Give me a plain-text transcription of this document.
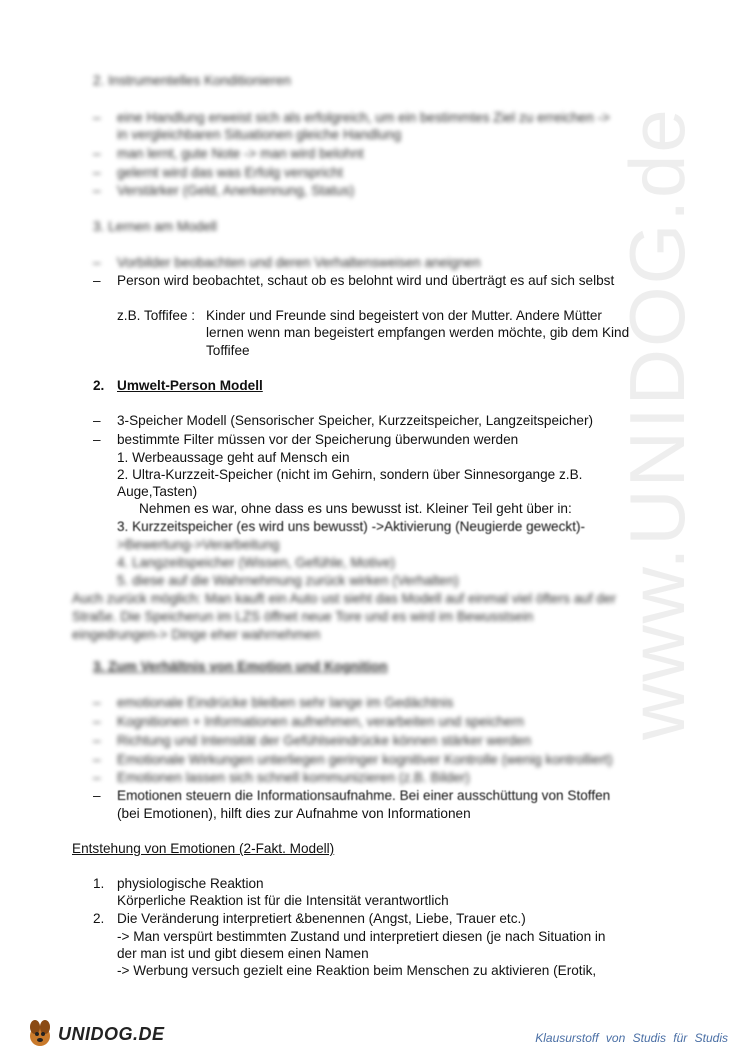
www.UNIDOG.de
2. Instrumentelles Konditionieren
– eine Handlung erweist sich als erfolgreich, um ein bestimmtes Ziel zu erreichen ->
in vergleichbaren Situationen gleiche Handlung
– man lernt, gute Note -> man wird belohnt
– gelernt wird das was Erfolg verspricht
– Verstärker (Geld, Anerkennung, Status)
3. Lernen am Modell
– Vorbilder beobachten und deren Verhaltensweisen aneignen
– Person wird beobachtet, schaut ob es belohnt wird und überträgt es auf sich selbst
z.B. Toffifee : Kinder und Freunde sind begeistert von der Mutter. Andere Mütter
lernen wenn man begeistert empfangen werden möchte, gib dem Kind
Toffifee
2. Umwelt-Person Modell
– 3-Speicher Modell (Sensorischer Speicher, Kurzzeitspeicher, Langzeitspeicher)
– bestimmte Filter müssen vor der Speicherung überwunden werden
1. Werbeaussage geht auf Mensch ein
2. Ultra-Kurzzeit-Speicher (nicht im Gehirn, sondern über Sinnesorgange z.B.
Auge,Tasten)
Nehmen es war, ohne dass es uns bewusst ist. Kleiner Teil geht über in:
3. Kurzzeitspeicher (es wird uns bewusst) ->Aktivierung (Neugierde geweckt)-
>Bewertung->Verarbeitung
4. Langzeitspeicher (Wissen, Gefühle, Motive)
5. diese auf die Wahrnehmung zurück wirken (Verhalten)
Auch zurück möglich: Man kauft ein Auto ust sieht das Modell auf einmal viel öfters auf der
Straße. Die Speicherun im LZS öffnet neue Tore und es wird im Bewusstsein
eingedrungen-> Dinge eher wahrnehmen
3. Zum Verhältnis von Emotion und Kognition
– emotionale Eindrücke bleiben sehr lange im Gedächtnis
– Kognitionen + Informationen aufnehmen, verarbeiten und speichern
– Richtung und Intensität der Gefühlseindrücke können stärker werden
– Emotionale Wirkungen unterliegen geringer kognitiver Kontrolle (wenig kontrolliert)
– Emotionen lassen sich schnell kommunizieren (z.B. Bilder)
– Emotionen steuern die Informationsaufnahme. Bei einer ausschüttung von Stoffen
(bei Emotionen), hilft dies zur Aufnahme von Informationen
Entstehung von Emotionen (2-Fakt. Modell)
1. physiologische Reaktion
Körperliche Reaktion ist für die Intensität verantwortlich
2. Die Veränderung interpretiert &benennen (Angst, Liebe, Trauer etc.)
-> Man verspürt bestimmten Zustand und interpretiert diesen (je nach Situation in
der man ist und gibt diesem einen Namen
-> Werbung versuch gezielt eine Reaktion beim Menschen zu aktivieren (Erotik,
UNIDOG.DE	Klausurstoff von Studis für Studis
